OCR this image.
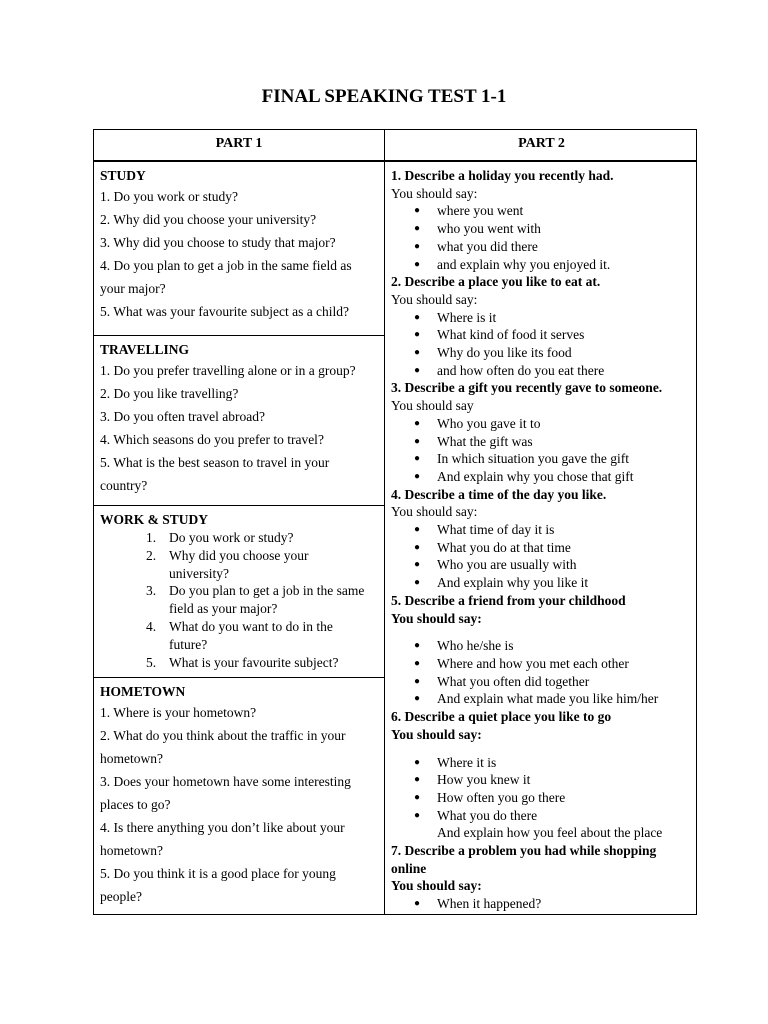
FINAL SPEAKING TEST 1-1
PART 1	PART 2
STUDY

1. Do you work or study?

2. Why did you choose your university?

3. Why did you choose to study that major?

4. Do you plan to get a job in the same field as

your major?

5. What was your favourite subject as a child?

TRAVELLING

1. Do you prefer travelling alone or in a group?

2. Do you like travelling?

3. Do you often travel abroad?

4. Which seasons do you prefer to travel?

5. What is the best season to travel in your

country?

WORK & STUDY
1. Do you work or study?
2. Why did you choose your
university?
3. Do you plan to get a job in the same
field as your major?
4. What do you want to do in the
future?
5. What is your favourite subject?
HOMETOWN

1. Where is your hometown?

2. What do you think about the traffic in your

hometown?

3. Does your hometown have some interesting

places to go?

4. Is there anything you don’t like about your

hometown?

5. Do you think it is a good place for young

people?

1. Describe a holiday you recently had.
You should say:
● where you went
● who you went with
● what you did there
● and explain why you enjoyed it.
2. Describe a place you like to eat at.
You should say:
● Where is it
● What kind of food it serves
● Why do you like its food
● and how often do you eat there
3. Describe a gift you recently gave to someone.
You should say
● Who you gave it to
● What the gift was
● In which situation you gave the gift
● And explain why you chose that gift
4. Describe a time of the day you like.
You should say:
● What time of day it is
● What you do at that time
● Who you are usually with
● And explain why you like it
5. Describe a friend from your childhood
You should say:
● Who he/she is
● Where and how you met each other
● What you often did together
● And explain what made you like him/her
6. Describe a quiet place you like to go
You should say:
● Where it is
● How you knew it
● How often you go there
● What you do there
And explain how you feel about the place
7. Describe a problem you had while shopping
online
You should say:
● When it happened?
